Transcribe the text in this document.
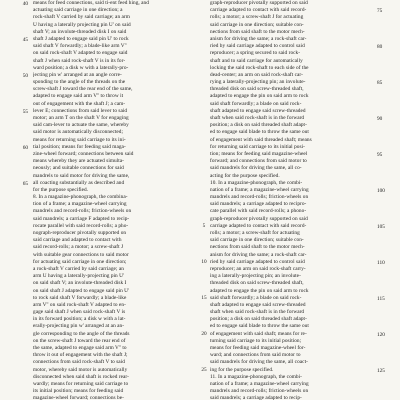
40
45
50
55
60
65
means for feed connections, said ti-ent feed hing, and
actuating said carriage in one direction; a
rock-shaft V carried by said carriage; an arm
U having a laterally projecting pin U' on said
shaft V; an involute-threaded disk I on said
shaft J adapted to engage said pin U' to rock
said shaft V forwardly; a blade-like arm V''
on said rock-shaft V adapted to engage said
shaft J when said rock-shaft V is in its for-
ward position; a disk w with a laterally-pro-
jecting pin w' arranged at an angle corre-
sponding to the angle of the threads on the
screw-shaft J toward the rear end of the same,
adapted to engage said arm V'' to throw it
out of engagement with the shaft J; a cam-
lever E; connections from said lever to said
motor; an arm T on the shaft V for engaging
said cam-lever to actuate the same, whereby
said motor is automatically disconnected;
means for returning said carriage to its ini-
tial position; means for feeding said maga-
zine-wheel forward; connections between said
means whereby they are actuated simulta-
neously; and suitable connections for said
mandrels to said motor for driving the same,
all coacting substantially as described and
for the purpose specified.
8. In a magazine-phonograph, the combina-
tion of a frame; a magazine-wheel carrying
mandrels and record-rolls; friction-wheels on
said mandrels; a carriage F adapted to recip-
rocate parallel with said record-rolls; a pho-
nograph-reproducer pivotally supported on
said carriage and adapted to contact with
said record-rolls; a motor; a screw-shaft J
with suitable gear connections to said motor
for actuating said carriage in one direction;
a rock-shaft V carried by said carriage; an
arm U having a laterally-projecting pin U'
on said shaft V; an involute-threaded disk I
on said shaft J adapted to engage said pin U'
to rock said shaft V forwardly; a blade-like
arm V'' on said rock-shaft V adapted to en-
gage said shaft J when said rock-shaft V is
in its forward position; a disk w with a lat-
erally-projecting pin w' arranged at an an-
gle corresponding to the angle of the threads
on the screw-shaft J toward the rear end of
the same, adapted to engage said arm V'' to
throw it out of engagement with the shaft J;
connections from said rock-shaft V to said
motor, whereby said motor is automatically
disconnected when said shaft is rocked rear-
wardly; means for returning said carriage to
its initial position; means for feeding said
magazine-wheel forward; connections be-
5
10
15
20
25
graph-reproducer pivotally supported on said
carriage adapted to contact with said record-
rolls; a motor; a screw-shaft J for actuating
said carriage in one direction; suitable con-
nections from said shaft to the motor mech-
anism for driving the same; a rock-shaft car-
ried by said carriage adapted to control said
reproducer; a spring secured to said rock-
shaft and to said carriage for automatically
locking the said rock-shaft to each side of the
dead-center; an arm on said rock-shaft car-
rying a laterally-projecting pin; an involute-
threaded disk on said screw-threaded shaft,
adapted to engage the pin on said arm to rock
said shaft forwardly; a blade on said rock-
shaft adapted to engage said screw-threaded
shaft when said rock-shaft is in the forward
position; a disk on said threaded shaft adapt-
ed to engage said blade to throw the same out
of engagement with said threaded shaft; means
for returning said carriage to its initial posi-
tion; means for feeding said magazine-wheel
forward; and connections from said motor to
said mandrels for driving the same, all co-
acting for the purpose specified.
10. In a magazine-phonograph, the combi-
nation of a frame; a magazine-wheel carrying
mandrels and record-rolls; friction-wheels on
said mandrels; a carriage adapted to recipro-
cate parallel with said record-rolls; a phono-
graph-reproducer pivotally supported on said
carriage adapted to contact with said record-
rolls; a motor; a screw-shaft for actuating
said carriage in one direction; suitable con-
nections from said shaft to the motor mech-
anism for driving the same; a rock-shaft car-
ried by said carriage adapted to control said
reproducer; an arm on said rock-shaft carry-
ing a laterally-projecting pin; an involute-
threaded disk on said screw-threaded shaft,
adapted to engage the pin on said arm to rock
said shaft forwardly; a blade on said rock-
shaft adapted to engage said screw-threaded
shaft when said rock-shaft is in the forward
position; a disk on said threaded shaft adapt-
ed to engage said blade to throw the same out
of engagement with said shaft; means for re-
turning said carriage to its initial position;
means for feeding said magazine-wheel for-
ward; and connections from said motor to
said mandrels for driving the same, all coact-
ing for the purpose specified.
11. In a magazine-phonograph, the combi-
nation of a frame; a magazine-wheel carrying
mandrels and record-rolls; friction-wheels on
said mandrels; a carriage adapted to recip-
75
80
85
90
95
100
105
110
115
120
125
